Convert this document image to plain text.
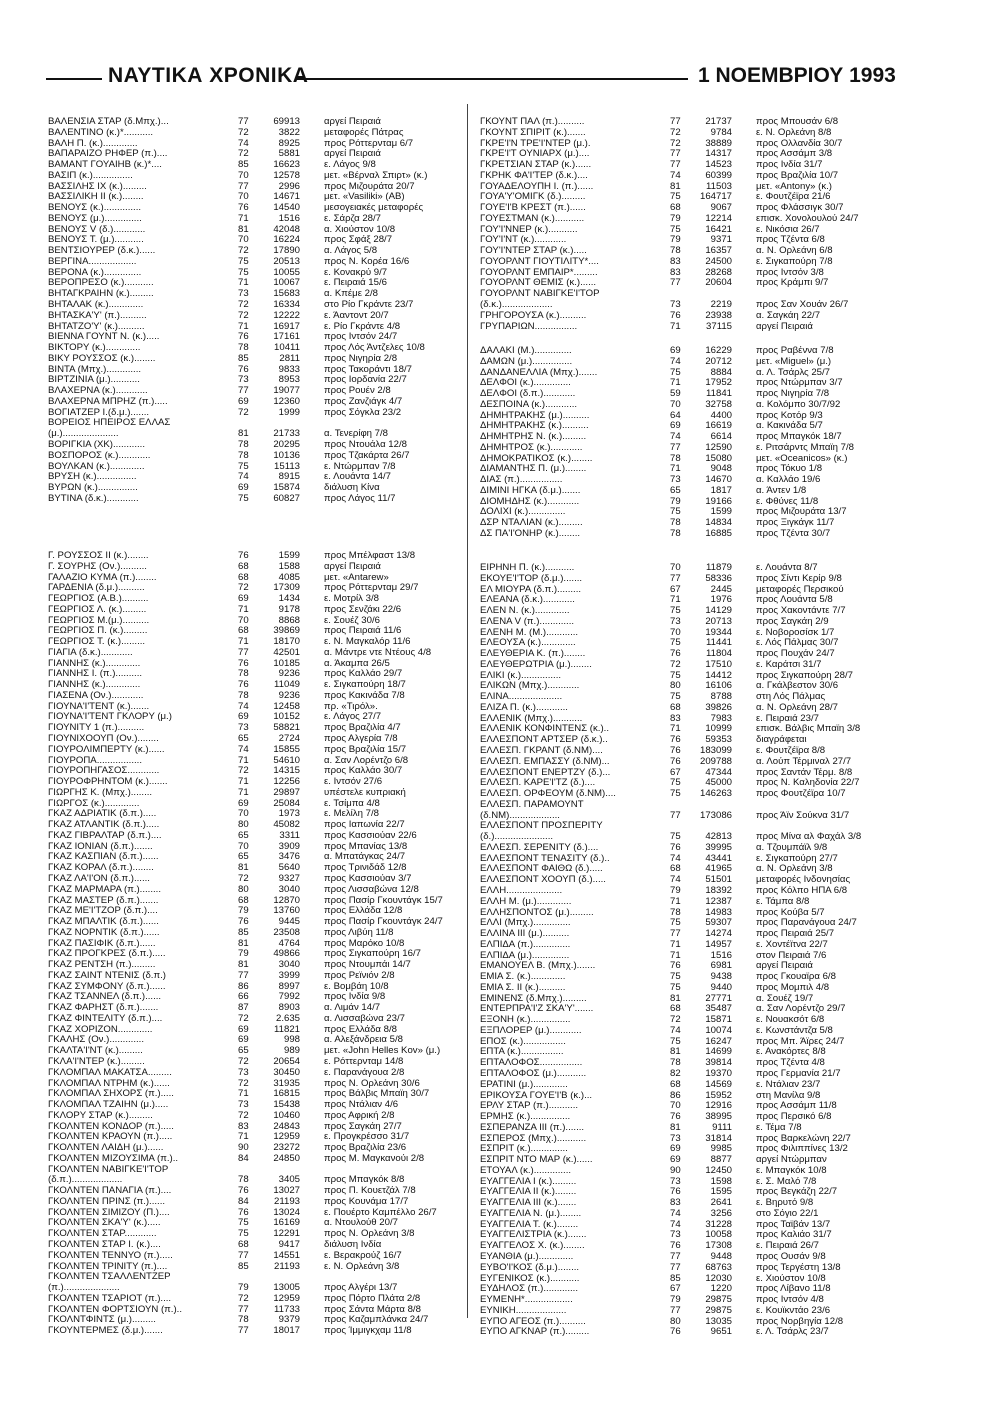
ΝΑΥΤΙΚΑ ΧΡΟΝΙΚΑ	1 ΝΟΕΜΒΡΙΟΥ 1993
ΒΑΛΕΝΣΙΑ ΣΤΑΡ (δ.Μπχ.)...	77	69913	αργεί Πειραιά
ΒΑΛΕΝΤΙΝΟ (κ.)*...........	72	3822	μεταφορές Πάτρας
ΒΑΛΗ Π. (κ.).............	74	8925	προς Ρόττερνταμ 6/7
ΒΑΠΑΡΑΙΖΟ ΡΗΦΕΡ (π.)....	72	5881	αργεί Πειραιά
ΒΑΜΑΝΤ ΓΟΥΑΙΗΒ (κ.)*....	85	16623	ε. Λάγος 9/8
ΒΑΣΙΠ (κ.)...............	70	12578	μετ. «Βέρναλ Σπιρτ» (κ.)
ΒΑΣΣΙΛΗΣ ΙΧ (κ.).........	77	2996	προς Μιζουράτα 20/7
ΒΑΣΣΙΛΙΚΗ ΙΙ (κ.)........	70	14671	μετ. «Vasiliki» (ΑΒ)
ΒΕΝΟΥΣ (κ.)..............	76	14540	μεσογειακές μεταφορές
ΒΕΝΟΥΣ (μ.)..............	71	1516	ε. Σάρζα 28/7
ΒΕΝΟΥΣ V (δ.)............	81	42048	α. Χιούστον 10/8
ΒΕΝΟΥΣ Τ. (μ.)...........	70	16224	προς Σφάξ 28/7
ΒΕΝΤΣΙΟΥΡΕΡ (δ.κ.)......	72	17890	α. Λάγος 5/8
ΒΕΡΓΙΝΑ..................	75	20513	προς Ν. Κορέα 16/6
ΒΕΡΟΝΑ (κ.)..............	75	10055	ε. Κονακρύ 9/7
ΒΕΡΟΠΡΕΣΟ (κ.)...........	71	10067	ε. Πειραιά 15/6
ΒΗΤΑΓΚΡΑΙΗΝ (κ.).........	73	15683	α. Κπέμε 2/8
ΒΗΤΑΛΑΚ (κ.).............	72	16334	στο Ρίο Γκράντε 23/7
ΒΗΤΑΣΚΑ'Υ' (π.)..........	72	12222	ε. Άαντοντ 20/7
ΒΗΤΑΤΖΟ'Υ' (κ.)..........	71	16917	ε. Ρίο Γκράντε 4/8
ΒΙΕΝΝΑ ΓΟΥΝΤ Ν. (κ.).....	76	17161	προς Ιντσόν 24/7
ΒΙΚΤΟΡΥ (κ.).............	78	10411	προς Λός Άντζελες 10/8
ΒΙΚΥ ΡΟΥΣΣΟΣ (κ.)........	85	2811	προς Νιγηρία 2/8
ΒΙΝΤΑ (Μπχ.).............	76	9833	προς Τακοράντι 18/7
ΒΙΡΤΖΙΝΙΑ (μ.)...........	73	8953	προς Ιορδανία 22/7
ΒΛΑΧΕΡΝΑ (κ.)............	77	19077	προς Ρουέν 2/8
ΒΛΑΧΕΡΝΑ ΜΠΡΗΖ (π.).....	69	12360	προς Ζανζιάγκ 4/7
ΒΟΓΙΑΤΖΕΡ Ι.(δ.μ.).......	72	1999	προς Σόγκλα 23/2
ΒΟΡΕΙΟΣ ΗΠΕΙΡΟΣ ΕΛΛΑΣ
(μ.).....................	81	21733	α. Τενερίφη 7/8
ΒΟΡΙΓΚΙΑ (ΧΚ)............	78	20295	προς Ντουάλα 12/8
ΒΟΣΠΟΡΟΣ (κ.)............	78	10136	προς Τζακάρτα 26/7
ΒΟΥΛΚΑΝ (κ.).............	75	15113	ε. Ντώρμπαν 7/8
ΒΡΥΣΗ (κ.)...............	74	8915	ε. Λουάντα 14/7
ΒΥΡΩΝ (κ.)...............	69	15874	διάλυση Κίνα
ΒΥΤΙΝΑ (δ.κ.)............	75	60827	προς Λάγος 11/7
Γ. ΡΟΥΣΣΟΣ ΙΙ (κ.)........	76	1599	προς Μπέλφαστ 13/8
Γ. ΣΟΥΡΗΣ (Ον.)..........	68	1588	αργεί Πειραιά
ΓΑΛΑΖΙΟ ΚΥΜΑ (π.)........	68	4085	μετ. «Antarew»
ΓΑΡΔΕΝΙΑ (δ.μ.)..........	72	17309	προς Ρόττερνταμ 29/7
ΓΕΩΡΓΙΟΣ (Α.Β.)..........	69	1434	ε. Μοτρίλ 3/8
ΓΕΩΡΓΙΟΣ Λ. (κ.).........	71	9178	προς Σενζάκι 22/6
ΓΕΩΡΓΙΟΣ Μ.(μ.)..........	70	8868	ε. Σουέζ 30/6
ΓΕΩΡΓΙΟΣ Π. (κ.).........	68	39869	προς Πειραιά 11/6
ΓΕΩΡΓΙΟΣ Τ. (κ.).........	71	18170	ε. Ν. Μαγκαλόρ 11/6
ΓΙΑΓΙΑ (δ.κ.)............	77	42501	α. Μάντρε ντε Ντέους 4/8
ΓΙΑΝΝΗΣ (κ.).............	76	10185	α. Άκαμπα 26/5
ΓΙΑΝΝΗΣ Ι. (π.)..........	78	9236	προς Καλλάο 29/7
ΓΙΑΝΝΗΣ (κ.).............	76	11049	ε. Σιγκαπούρη 18/7
ΓΙΑΣΕΝΑ (Ον.)............	78	9236	προς Κακινάδα 7/8
ΓΙΟΥΝΑ'Ι'ΤΕΝΤ (κ.).......	74	12458	πρ. «Τιρόλ».
ΓΙΟΥΝΑ'Ι'ΤΕΝΤ ΓΚΛΟΡΥ (μ.)	69	10152	ε. Λάγος 27/7
ΓΙΟΥΝΙΤΥ 1 (π.)..........	73	58821	προς Βραζιλία 4/7
ΓΙΟΥΝΙΧΟΟΥΠ (Ον.)........	65	2724	προς Αλγερία 7/8
ΓΙΟΥΡΟΛΙΜΠΕΡΤΥ (κ.)......	74	15855	προς Βραζιλία 15/7
ΓΙΟΥΡΟΠΑ.................	71	54610	α. Σαν Λορέντζο 6/8
ΓΙΟΥΡΟΠΗΓΑΣΟΣ............	72	14315	προς Καλλάο 30/7
ΓΙΟΥΡΟΦΡΗΝΤΟΜ (κ.).......	71	12256	ε. Ιντσόν 27/6
ΓΙΩΡΓΗΣ Κ. (Μπχ.)........	71	29897	υπέστελε κυπριακή
ΓΙΩΡΓΟΣ (κ.).............	69	25084	ε. Τσίμπα 4/8
ΓΚΑΖ ΑΔΡΙΑΤΙΚ (δ.π.).....	70	1973	ε. Μελίλη 7/8
ΓΚΑΖ ΑΤΛΑΝΤΙΚ (δ.π.).....	80	45082	προς Ιαπωνία 22/7
ΓΚΑΖ ΓΙΒΡΑΛΤΑΡ (δ.π.)....	65	3311	προς Κασσιούαν 22/6
ΓΚΑΖ ΙΟΝΙΑΝ (δ.π.).......	70	3909	προς Μπανίας 13/8
ΓΚΑΖ ΚΑΣΠΙΑΝ (δ.π.)......	65	3476	α. Μπατάγκας 24/7
ΓΚΑΖ ΚΟΡΑΛ (δ.π.)........	81	5640	προς Τρινιδάδ 12/8
ΓΚΑΖ ΛΑ'Ι'ΟΝ (δ.π.)......	72	9327	προς Κασσιούαν 3/7
ΓΚΑΖ ΜΑΡΜΑΡΑ (π.)........	80	3040	προς Λισσαβώνα 12/8
ΓΚΑΖ ΜΑΣΤΕΡ (δ.π.).......	68	12870	προς Πασίρ Γκουντάγκ 15/7
ΓΚΑΖ ΜΕ'Ι'ΤΖΟΡ (δ.π.)....	79	13760	προς Ελλάδα 12/8
ΓΚΑΖ ΜΠΑΛΤΙΚ (δ.π.)......	76	9445	προς Πασίρ Γκουντάγκ 24/7
ΓΚΑΖ ΝΟΡΝΤΙΚ (δ.π.)......	85	23508	προς Λιβύη 11/8
ΓΚΑΖ ΠΑΣΙΦΙΚ (δ.π.)......	81	4764	προς Μαρόκο 10/8
ΓΚΑΖ ΠΡΟΓΚΡΕΣ (δ.π.).....	79	49866	προς Σιγκαπούρη 16/7
ΓΚΑΖ ΡΕΝΤΣΗ (π.).........	81	3040	προς Ντουμπάι 14/7
ΓΚΑΖ ΣΑΙΝΤ ΝΤΕΝΙΣ (δ.π.)	77	3999	προς Ρεϊνιόν 2/8
ΓΚΑΖ ΣΥΜΦΟΝΥ (δ.π.)......	86	8997	ε. Βομβάη 10/8
ΓΚΑΖ ΤΣΑΝΝΕΛ (δ.π.)......	66	7992	προς Ινδία 9/8
ΓΚΑΖ ΦΑΡΗΣΤ (δ.π.).......	87	8903	α. Λιμάν 14/7
ΓΚΑΖ ΦΙΝΤΕΛΙΤΥ (δ.π.)....	72	2.635	α. Λισσαβώνα 23/7
ΓΚΑΖ ΧΟΡΙΖΟΝ.............	69	11821	προς Ελλάδα 8/8
ΓΚΑΛΗΣ (Ον.).............	69	998	α. Αλεξάνδρεια 5/8
ΓΚΑΛΤΑ'Ι'ΝΤ (κ.).........	65	989	μετ. «John Helles Kov» (μ.)
ΓΚΛΑ'Ι'ΝΤΕΡ (κ.).........	72	20654	ε. Ρόττερνταμ 14/8
ΓΚΛΟΜΠΑΛ ΜΑΚΑΤΣΑ.........	73	30450	ε. Παρανάγουα 2/8
ΓΚΛΟΜΠΑΛ ΝΤΡΗΜ (κ.)......	72	31935	προς Ν. Ορλεάνη 30/6
ΓΚΛΟΜΠΑΛ ΣΗΧΟΡΣ (π.).....	71	16815	προς Βάλβις Μπαϊη 30/7
ΓΚΛΟΜΠΑΛ ΤΖΑΙΗΝ (μ.).....	73	15438	προς Ντάλιαν 4/6
ΓΚΛΟΡΥ ΣΤΑΡ (κ.).........	72	10460	προς Αφρική 2/8
ΓΚΟΛΝΤΕΝ ΚΟΝΔΟΡ (π.).....	83	24843	προς Σαγκάη 27/7
ΓΚΟΛΝΤΕΝ ΚΡΑΟΥΝ (π.).....	71	12959	ε. Προγκρέσσο 31/7
ΓΚΟΛΝΤΕΝ ΛΑΙΔΗ (μ.)......	90	23272	προς Βραζιλία 23/6
ΓΚΟΛΝΤΕΝ ΜΙΖΟΥΣΙΜΑ (π.)..	84	24850	προς Μ. Μαγκανούι 2/8
ΓΚΟΛΝΤΕΝ ΝΑΒΙΓΚΕ'Ι'ΤΟΡ
(δ.π.)...................	78	3405	προς Μπαγκόκ 8/8
ΓΚΟΛΝΤΕΝ ΠΑΝΑΓΙΑ (π.)....	76	13027	προς Π. Κουετζάλ 7/8
ΓΚΟΛΝΤΕΝ ΠΡΙΝΣ (π.)......	84	21193	προς Κουνάμα 17/7
ΓΚΟΛΝΤΕΝ ΣΙΜΙΖΟΥ (Π.)....	76	13024	ε. Πουέρτο Καμπέλλο 26/7
ΓΚΟΛΝΤΕΝ ΣΚΑ'Υ' (κ.).....	75	16169	α. Ντουλούθ 20/7
ΓΚΟΛΝΤΕΝ ΣΤΑΡ............	75	12291	προς Ν. Ορλεάνη 3/8
ΓΚΟΛΝΤΕΝ ΣΤΑΡ Ι. (κ.)....	68	9417	διάλυση Ινδία
ΓΚΟΛΝΤΕΝ ΤΕΝΝΥΟ (π.).....	77	14551	ε. Βερακρούζ 16/7
ΓΚΟΛΝΤΕΝ ΤΡΙΝΙΤΥ (π.)....	85	21193	ε. Ν. Ορλεάνη 3/8
ΓΚΟΛΝΤΕΝ ΤΣΑΛΛΕΝΤΖΕΡ
(π.).....................	79	13005	προς Αλγέρι 13/7
ΓΚΟΛΝΤΕΝ ΤΣΑΡΙΟΤ (π.)....	72	12959	προς Πόρτο Πλάτα 2/8
ΓΚΟΛΝΤΕΝ ΦΟΡΤΣΙΟΥΝ (π.)..	77	11733	προς Σάντα Μάρτα 8/8
ΓΚΟΛΝΤΦΙΝΤΣ (μ.).........	78	9379	προς Καζαμπλάνκα 24/7
ΓΚΟΥΝΤΕΡΜΕΣ (δ.μ.).......	77	18017	προς Ίμμιγκχαμ 11/8
ΓΚΟΥΝΤ ΠΑΛ (π.)..........	77	21737	προς Μπουσάν 6/8
ΓΚΟΥΝΤ ΣΠΙΡΙΤ (κ.).......	72	9784	ε. Ν. Ορλεάνη 8/8
ΓΚΡΕ'Ι'Ν ΤΡΕ'Ι'ΝΤΕΡ (μ.).	72	38889	προς Ολλανδία 30/7
ΓΚΡΕ'Ι'Τ ΟΥΝΙΑΡΧ (μ.)....	77	14317	προς Ασσάμπ 3/8
ΓΚΡΕΤΣΙΑΝ ΣΤΑΡ (κ.)......	77	14523	προς Ινδία 31/7
ΓΚΡΗΚ ΦΑ'Ι'ΤΕΡ (δ.κ.)....	74	60399	προς Βραζιλία 10/7
ΓΟΥΑΔΕΛΟΥΠΗ Ι. (π.)......	81	11503	μετ. «Antony» (κ.)
ΓΟΥΑ'Υ'ΟΜΙΓΚ (δ.).........	75	164717	ε. Φουτζέϊρα 21/6
ΓΟΥΕ'Ι'Β ΚΡΕΣΤ (π.)......	68	9067	προς Φλάσσιγκ 30/7
ΓΟΥΕΣΤΜΑΝ (κ.)...........	79	12214	επισκ. Χονολουλού 24/7
ΓΟΥ'Ι'ΝΝΕΡ (κ.)...........	75	16421	ε. Νικόσια 26/7
ΓΟΥ'Ι'ΝΤ (κ.)............	79	9371	προς Τζέντα 6/8
ΓΟΥ'Ι'ΝΤΕΡ ΣΤΑΡ (κ.).....	78	16357	α. Ν. Ορλεάνη 6/8
ΓΟΥΟΡΛΝΤ ΓΙΟΥΤΙΛΙΤΥ*....	83	24500	ε. Σιγκαπούρη 7/8
ΓΟΥΟΡΛΝΤ ΕΜΠΑΙΡ*.........	83	28268	προς Ιντσόν 3/8
ΓΟΥΟΡΛΝΤ ΘΕΜΙΣ (κ.)......	77	20604	προς Κράμπι 9/7
ΓΟΥΟΡΛΝΤ ΝΑΒΙΓΚΕ'Ι'ΤΟΡ
(δ.κ.)...................	73	2219	προς Σαν Χουάν 26/7
ΓΡΗΓΟΡΟΥΣΑ (κ.)..........	76	23938	α. Σαγκάη 22/7
ΓΡΥΠΑΡΙΩΝ................	71	37115	αργεί Πειραιά
ΔΑΛΑΚΙ (Μ.)..............	69	16229	προς Ραβέννα 7/8
ΔΑΜΩΝ (μ.)...............	74	20712	μετ. «Miguel» (μ.)
ΔΑΝΔΑΝΕΛΛΙΑ (Μπχ.).......	75	8884	α. Λ. Τσάρλς 25/7
ΔΕΛΦΟΙ (κ.)..............	71	17952	προς Ντώρμπαν 3/7
ΔΕΛΦΟΙ (δ.π.)............	59	11841	προς Νιγηρία 7/8
ΔΕΣΠΟΙΝΑ (κ.)............	70	32758	α. Κολόμπο 30/7/92
ΔΗΜΗΤΡΑΚΗΣ (μ.)..........	64	4400	προς Κοτόρ 9/3
ΔΗΜΗΤΡΑΚΗΣ (κ.)..........	69	16619	α. Κακινάδα 5/7
ΔΗΜΗΤΡΗΣ Ν. (κ.).........	74	6614	προς Μπαγκόκ 18/7
ΔΗΜΗΤΡΟΣ (κ.)............	77	12590	ε. Ριτσάρντς Μπαϊη 7/8
ΔΗΜΟΚΡΑΤΙΚΟΣ (κ.)........	78	15080	μετ. «Oceanicos» (κ.)
ΔΙΑΜΑΝΤΗΣ Π. (μ.)........	71	9048	προς Τόκυο 1/8
ΔΙΑΣ (π.)................	73	14670	α. Καλλάο 19/6
ΔΙΜΙΝΙ ΗΓΚΑ (δ.μ.).......	65	1817	α. Άντεν 1/8
ΔΙΟΜΗΔΗΣ (κ.)............	79	19166	ε. Φθύνες 11/8
ΔΟΛΙΧΙ (κ.)..............	75	1599	προς Μιζουράτα 13/7
ΔΣΡ ΝΤΑΛΙΑΝ (κ.).........	78	14834	προς Ξιγκάγκ 11/7
ΔΣ ΠΑ'Ι'ΟΝΗΡ (κ.)........	78	16885	προς Τζέντα 30/7
ΕΙΡΗΝΗ Π. (κ.)...........	70	11879	ε. Λουάντα 8/7
ΕΚΟΥΕ'Ι'ΤΟΡ (δ.μ.).......	77	58336	προς Σίντι Κερίρ 9/8
ΕΛ ΜΙΟΥΡΑ (δ.π.).........	67	2445	μεταφορές Περσικού
ΕΛΕΑΝΑ (δ.κ.)............	71	1976	προς Λουάντα 5/8
ΕΛΕΝ Ν. (κ.).............	75	14129	προς Χακοντάντε 7/7
ΕΛΕΝΑ V (π.).............	73	20713	προς Σαγκάη 2/9
ΕΛΕΝΗ Μ. (Μ.)............	70	19344	ε. Νοβοροσίσκ 1/7
ΕΛΕΟΥΣΑ (κ.).............	75	11441	ε. Λός Πάλμας 30/7
ΕΛΕΥΘΕΡΙΑ Κ. (π.)........	76	11804	προς Πουχάν 24/7
ΕΛΕΥΘΕΡΩΤΡΙΑ (μ.)........	72	17510	ε. Καράτσι 31/7
ΕΛΙΚΙ (κ.)...............	75	14412	προς Σιγκαπούρη 28/7
ΕΛΙΚΩΝ (Μπχ.)............	80	16106	α. Γκάλβεστον 30/6
ΕΛΙΝΑ....................	75	8788	στη Λός Πάλμας
ΕΛΙΖΑ Π. (κ.)............	68	39826	α. Ν. Ορλεάνη 28/7
ΕΛΛΕΝΙΚ (Μπχ.)...........	83	7983	ε. Πειραιά 23/7
ΕΛΛΕΝΙΚ ΚΟΝΦΙΝΤΕΝΣ (κ.)..	71	10999	επισκ. Βάλβις Μπαϊη 3/8
ΕΛΛΕΣΠΟΝΤ ΑΡΤΣΕΡ (δ.κ.)..	76	59353	διαγράφεται
ΕΛΛΕΣΠ. ΓΚΡΑΝΤ (δ.ΝΜ)....	76	183099	ε. Φουτζέϊρα 8/8
ΕΛΛΕΣΠ. ΕΜΠΑΣΣΥ (δ.ΝΜ)...	76	209788	α. Λούπ Τέρμιναλ 27/7
ΕΛΛΕΣΠΟΝΤ ΕΝΕΡΤΖΥ (δ.)...	67	47344	προς Σαντάν Τέρμ. 8/8
ΕΛΛΕΣΠ. ΚΑΡΕ'Ι'ΤΖ (δ.)....	75	45000	προς Ν. Καληδονία 22/7
ΕΛΛΕΣΠ. ΟΡΦΕΟΥΜ (δ.ΝΜ)....	75	146263	προς Φουτζέϊρα 10/7
ΕΛΛΕΣΠ. ΠΑΡΑΜΟΥΝΤ
(δ.ΝΜ)...................	77	173086	προς Άϊν Σούκνα 31/7
ΕΛΛΕΣΠΟΝΤ ΠΡΟΣΠΕΡΙΤΥ
(δ.)......................	75	42813	προς Μίνα αλ Φαχάλ 3/8
ΕΛΛΕΣΠ. ΣΕΡΕΝΙΤΥ (δ.)....	76	39995	α. Τζουμπάϊλ 9/8
ΕΛΛΕΣΠΟΝΤ ΤΕΝΑΣΙΤΥ (δ.)..	74	43441	ε. Σιγκαπούρη 27/7
ΕΛΛΕΣΠΟΝΤ ΦΑΙΘΩ (δ.).....	68	41965	α. Ν. Ορλεάνη 3/8
ΕΛΛΕΣΠΟΝΤ ΧΟΟΥΠ (δ.).....	74	51501	μεταφορές Ινδονησίας
ΕΛΛΗ.....................	79	18392	προς Κόλπο ΗΠΑ 6/8
ΕΛΛΗ Μ. (μ.).............	71	12387	ε. Τάμπα 8/8
ΕΛΛΗΣΠΟΝΤΟΣ (μ.).........	78	14983	προς Κούβα 5/7
ΕΛΛΙ (Μπχ.)..............	75	59307	προς Παρανάγουα 24/7
ΕΛΛΙΝΑ ΙΙΙ (μ.)..........	77	14274	προς Πειραιά 25/7
ΕΛΠΙΔΑ (π.)..............	71	14957	ε. Χοντέϊτνα 22/7
ΕΛΠΙΔΑ (μ.)..............	71	1516	στον Πειραιά 7/6
ΕΜΑΝΟΥΕΛ Β. (Μπχ.).......	76	6981	αργεί Πειραιά
ΕΜΙΑ Σ. (κ.).............	75	9438	προς Γκουαϊρα 6/8
ΕΜΙΑ Σ. ΙΙ (κ.)..........	75	9440	προς Μομπιλ 4/8
ΕΜΙΝΕΝΣ (δ.Μπχ.).........	81	27771	α. Σουέζ 19/7
ΕΝΤΕΡΠΡΑ'Ι'Ζ ΣΚΑ'Υ'.......	68	35487	α. Σαν Λορέντζο 29/7
ΕΞΟΝΗ (κ.)...............	72	15871	ε. Νουακσότ 6/8
ΕΞΠΛΟΡΕΡ (μ.)............	74	10074	ε. Κωνστάντζα 5/8
ΕΠΟΣ (κ.)................	75	16247	προς Μπ. Άϊρες 24/7
ΕΠΤΑ (κ.)................	81	14699	ε. Ανακόρτες 8/8
ΕΠΤΑΛΟΦΟΣ................	78	39814	προς Τζέντα 4/8
ΕΠΤΑΛΟΦΟΣ (μ.)...........	82	19370	προς Γερμανία 21/7
ΕΡΑΤΙΝΙ (μ.).............	68	14569	ε. Ντάλιαν 23/7
ΕΡΙΚΟΥΣΑ ΓΟΥΕ'Ι'Β (κ.)...	86	15952	στη Μανίλα 9/8
ΕΡΛΥ ΣΤΑΡ (π.)...........	70	12916	προς Ασσάμπ 11/8
ΕΡΜΗΣ (κ.)...............	76	38995	προς Περσικό 6/8
ΕΣΠΕΡΑΝΖΑ ΙΙΙ (π.).......	81	9111	ε. Τέμα 7/8
ΕΣΠΕΡΟΣ (Μπχ.)...........	73	31814	προς Βαρκελώνη 22/7
ΕΣΠΡΙΤ (κ.)..............	69	9985	προς Φιλιππίνες 13/2
ΕΣΠΡΙΤ ΝΤΟ ΜΑΡ (κ.)......	69	8877	αργεί Ντώρμπαν
ΕΤΟΥΑΛ (κ.)..............	90	12450	ε. Μπαγκόκ 10/8
ΕΥΑΓΓΕΛΙΑ Ι (κ.).........	73	1598	ε. Σ. Μαλό 7/8
ΕΥΑΓΓΕΛΙΑ ΙΙ (κ.)........	76	1595	προς Βεγκάζη 22/7
ΕΥΑΓΓΕΛΙΑ ΙΙΙ (κ.).......	83	2641	ε. Βηρυτό 9/8
ΕΥΑΓΓΕΛΙΑ Ν. (μ.)........	74	3256	στο Σόγιο 22/1
ΕΥΑΓΓΕΛΙΑ Τ. (κ.)........	74	31228	προς Ταϊβάν 13/7
ΕΥΑΓΓΕΛΙΣΤΡΙΑ (κ.).......	73	10058	προς Καλιάο 31/7
ΕΥΑΓΓΕΛΟΣ Χ. (κ.)........	76	17308	ε. Πειραιά 26/7
ΕΥΑΝΘΙΑ (μ.).............	77	9448	προς Ουσάν 9/8
ΕΥΒΟ'Ι'ΚΟΣ (δ.μ.)........	77	68763	προς Τεργέστη 13/8
ΕΥΓΕΝΙΚΟΣ (κ.)...........	85	12030	ε. Χιούστον 10/8
ΕΥΔΗΛΟΣ (π.).............	67	1220	προς Λίβανο 11/8
ΕΥΜΕΝΗ*..................	79	29875	προς Ιντσόν 4/8
ΕΥΝΙΚΗ...................	77	29875	ε. Κουϊκντάο 23/6
ΕΥΠΟ ΑΓΕΟΣ (π.)..........	80	13035	προς Νορβηγία 12/8
ΕΥΠΟ ΑΓΚΝΑΡ (π.).........	76	9651	ε. Λ. Τσάρλς 23/7
